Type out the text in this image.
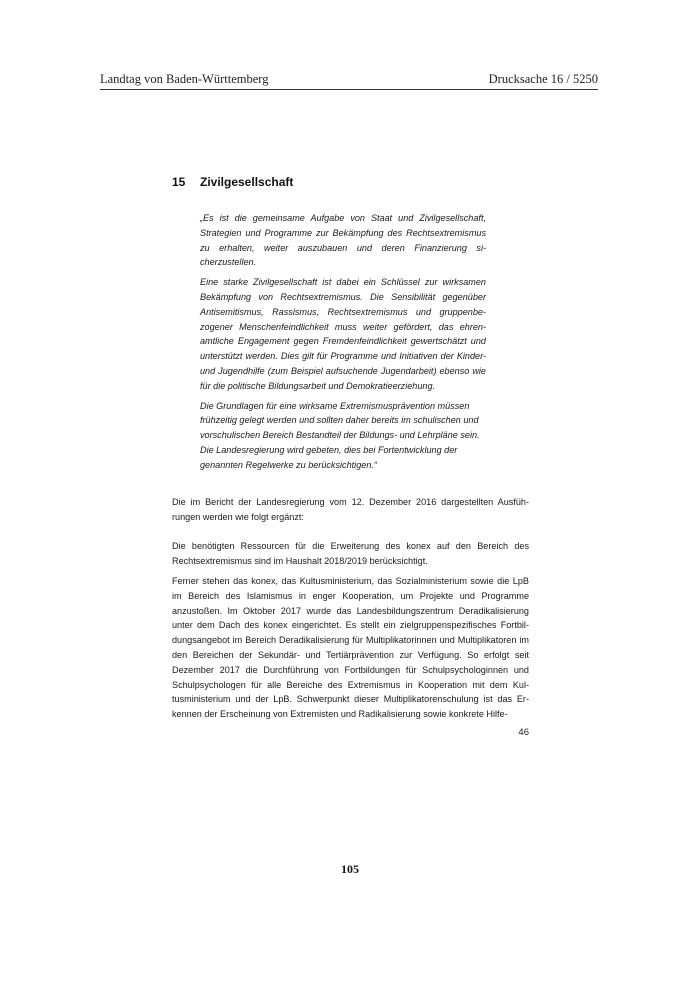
Landtag von Baden-Württemberg	Drucksache 16 / 5250
15 Zivilgesellschaft

„Es ist die gemeinsame Aufgabe von Staat und Zivilgesellschaft, Strategien und Programme zur Bekämpfung des Rechtsextremismus zu erhalten, weiter auszubauen und deren Finanzierung sicherzustellen.

Eine starke Zivilgesellschaft ist dabei ein Schlüssel zur wirksamen Bekämpfung von Rechtsextremismus. Die Sensibilität gegenüber Antisemitismus, Rassismus, Rechtsextremismus und gruppenbezogener Menschenfeindlichkeit muss weiter gefördert, das ehrenamtliche Engagement gegen Fremdenfeindlichkeit gewertschätzt und unterstützt werden. Dies gilt für Programme und Initiativen der Kinder- und Jugendhilfe (zum Beispiel aufsuchende Jugendarbeit) ebenso wie für die politische Bildungsarbeit und Demokratieerziehung.

Die Grundlagen für eine wirksame Extremismusprävention müssen frühzeitig gelegt werden und sollten daher bereits im schulischen und vorschulischen Bereich Bestandteil der Bildungs- und Lehrpläne sein. Die Landesregierung wird gebeten, dies bei Fortentwicklung der genannten Regelwerke zu berücksichtigen.“

Die im Bericht der Landesregierung vom 12. Dezember 2016 dargestellten Ausführungen werden wie folgt ergänzt:

Die benötigten Ressourcen für die Erweiterung des konex auf den Bereich des Rechtsextremismus sind im Haushalt 2018/2019 berücksichtigt.

Ferner stehen das konex, das Kultusministerium, das Sozialministerium sowie die LpB im Bereich des Islamismus in enger Kooperation, um Projekte und Programme anzustoßen. Im Oktober 2017 wurde das Landesbildungszentrum Deradikalisierung unter dem Dach des konex eingerichtet. Es stellt ein zielgruppenspezifisches Fortbildungsangebot im Bereich Deradikalisierung für Multiplikatorinnen und Multiplikatoren im den Bereichen der Sekundär- und Tertiärprävention zur Verfügung. So erfolgt seit Dezember 2017 die Durchführung von Fortbildungen für Schulpsychologinnen und Schulpsychologen für alle Bereiche des Extremismus in Kooperation mit dem Kultusministerium und der LpB. Schwerpunkt dieser Multiplikatorenschulung ist das Erkennen der Erscheinung von Extremisten und Radikalisierung sowie konkrete Hilfe-

46
105
